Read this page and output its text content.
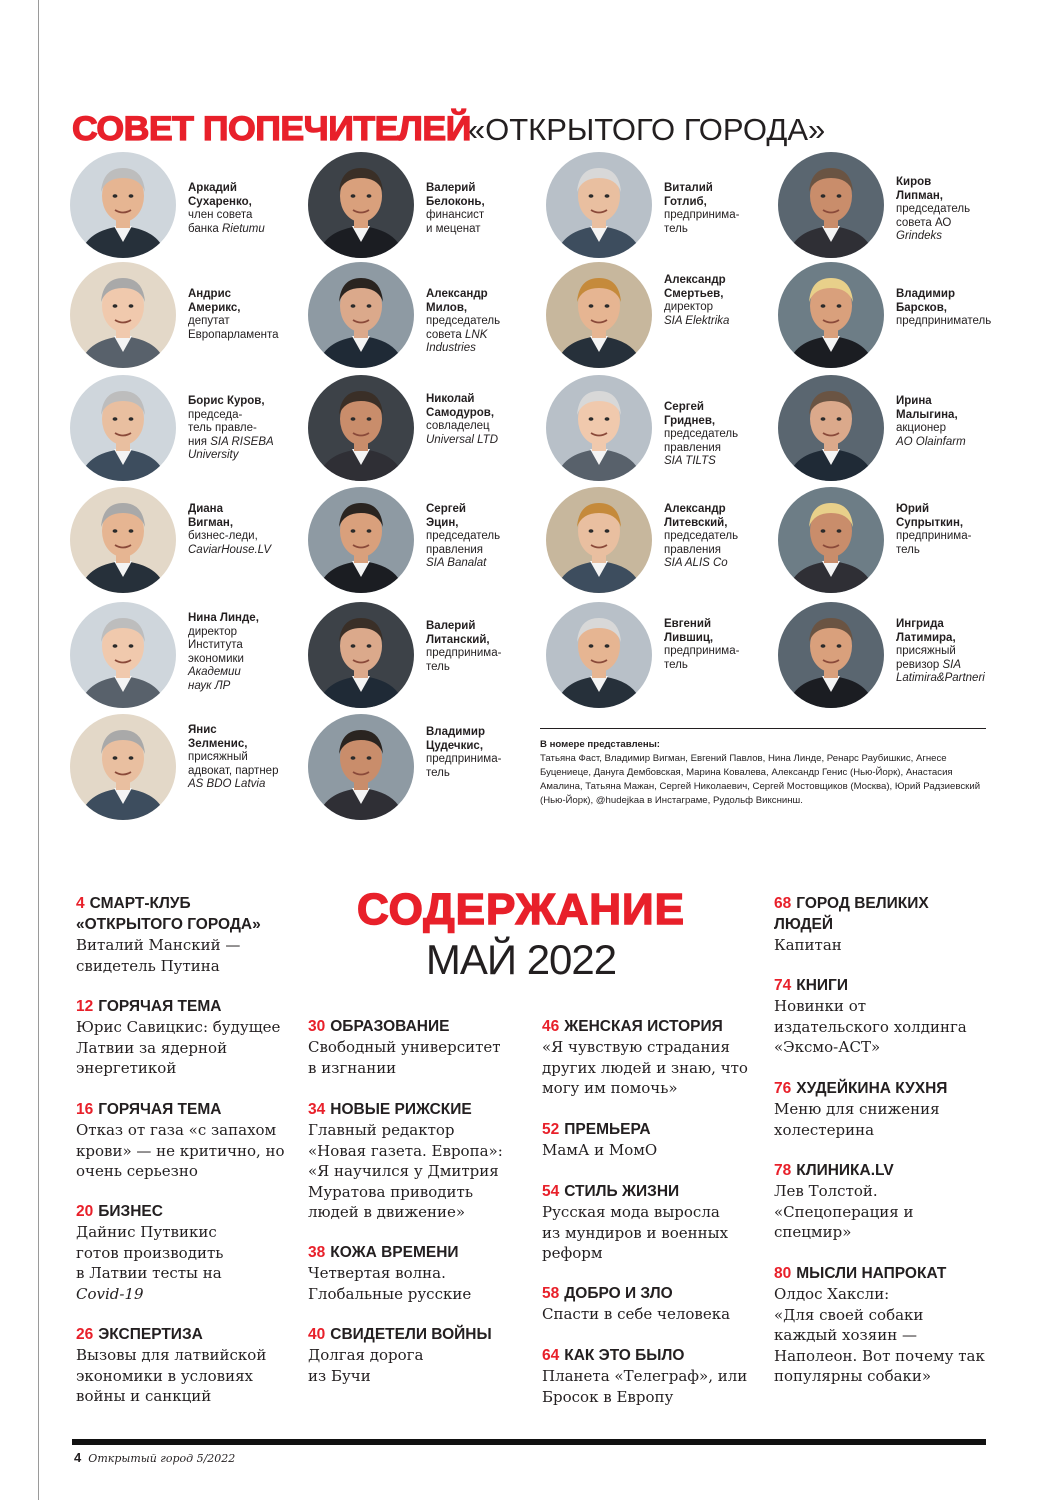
СОВЕТ ПОПЕЧИТЕЛЕЙ«ОТКРЫТОГО ГОРОДА»
Аркадий
Сухаренко,
член совета
банка Rietumu
Валерий
Белоконь,
финансист
и меценат
Виталий
Готлиб,
предпринима-
тель
Киров
Липман,
председатель
совета АО
Grindeks
Андрис
Америкс,
депутат
Европарламента
Александр
Милов,
председатель
совета LNK
Industries
Александр
Смертьев,
директор
SIA Elektrika
Владимир
Барсков,
предприниматель
Борис Куров,
председа-
тель правле-
ния SIA RISEBA
University
Николай
Самодуров,
совладелец
Universal LTD
Сергей
Гриднев,
председатель
правления
SIA TILTS
Ирина
Малыгина,
акционер
AO Olainfarm
Диана
Вигман,
бизнес-леди,
CaviarHouse.LV
Сергей
Эцин,
председатель
правления
SIA Banalat
Александр
Литевский,
председатель
правления
SIA ALIS Co
Юрий
Супрыткин,
предпринима-
тель
Нина Линде,
директор
Института
экономики
Академии
наук ЛР
Валерий
Литанский,
предпринима-
тель
Евгений
Лившиц,
предпринима-
тель
Ингрида
Латимира,
присяжный
ревизор SIA
Latimira&Partneri
Янис
Зелменис,
присяжный
адвокат, партнер
AS BDO Latvia
Владимир
Цудечкис,
предпринима-
тель
В номере представлены:
Татьяна Фаст, Владимир Вигман, Евгений Павлов, Нина Линде, Ренарс Раубишкис, Агнесе Буцениеце, Дануга Дембовская, Марина Ковалева, Александр Генис (Нью-Йорк), Анастасия Амалина, Татьяна Мажан, Сергей Николаевич, Сергей Мостовщиков (Москва), Юрий Радзиевский (Нью-Йорк), @hudejkaa в Инстаграме, Рудольф Викснинш.
СОДЕРЖАНИЕ
МАЙ 2022
4 СМАРТ-КЛУБ «ОТКРЫТОГО ГОРОДА»
Виталий Манский —
свидетель Путина
12 ГОРЯЧАЯ ТЕМА
Юрис Савицкис: будущее
Латвии за ядерной
энергетикой
16 ГОРЯЧАЯ ТЕМА
Отказ от газа «с запахом
крови» — не критично, но
очень серьезно
20 БИЗНЕС
Дайнис Путвикис
готов производить
в Латвии тесты на
Covid-19
26 ЭКСПЕРТИЗА
Вызовы для латвийской
экономики в условиях
войны и санкций
30 ОБРАЗОВАНИЕ
Свободный университет
в изгнании
34 НОВЫЕ РИЖСКИЕ
Главный редактор
«Новая газета. Европа»:
«Я научился у Дмитрия
Муратова приводить
людей в движение»
38 КОЖА ВРЕМЕНИ
Четвертая волна.
Глобальные русские
40 СВИДЕТЕЛИ ВОЙНЫ
Долгая дорога
из Бучи
46 ЖЕНСКАЯ ИСТОРИЯ
«Я чувствую страдания
других людей и знаю, что
могу им помочь»
52 ПРЕМЬЕРА
МамА и МомО
54 СТИЛЬ ЖИЗНИ
Русская мода выросла
из мундиров и военных
реформ
58 ДОБРО И ЗЛО
Спасти в себе человека
64 КАК ЭТО БЫЛО
Планета «Телеграф», или
Бросок в Европу
68 ГОРОД ВЕЛИКИХ ЛЮДЕЙ
Капитан
74 КНИГИ
Новинки от
издательского холдинга
«Эксмо-АСТ»
76 ХУДЕЙКИНА КУХНЯ
Меню для снижения
холестерина
78 КЛИНИКА.LV
Лев Толстой.
«Спецоперация и
спецмир»
80 МЫСЛИ НАПРОКАТ
Олдос Хаксли:
«Для своей собаки
каждый хозяин —
Наполеон. Вот почему так
популярны собаки»
4 Открытый город 5/2022
